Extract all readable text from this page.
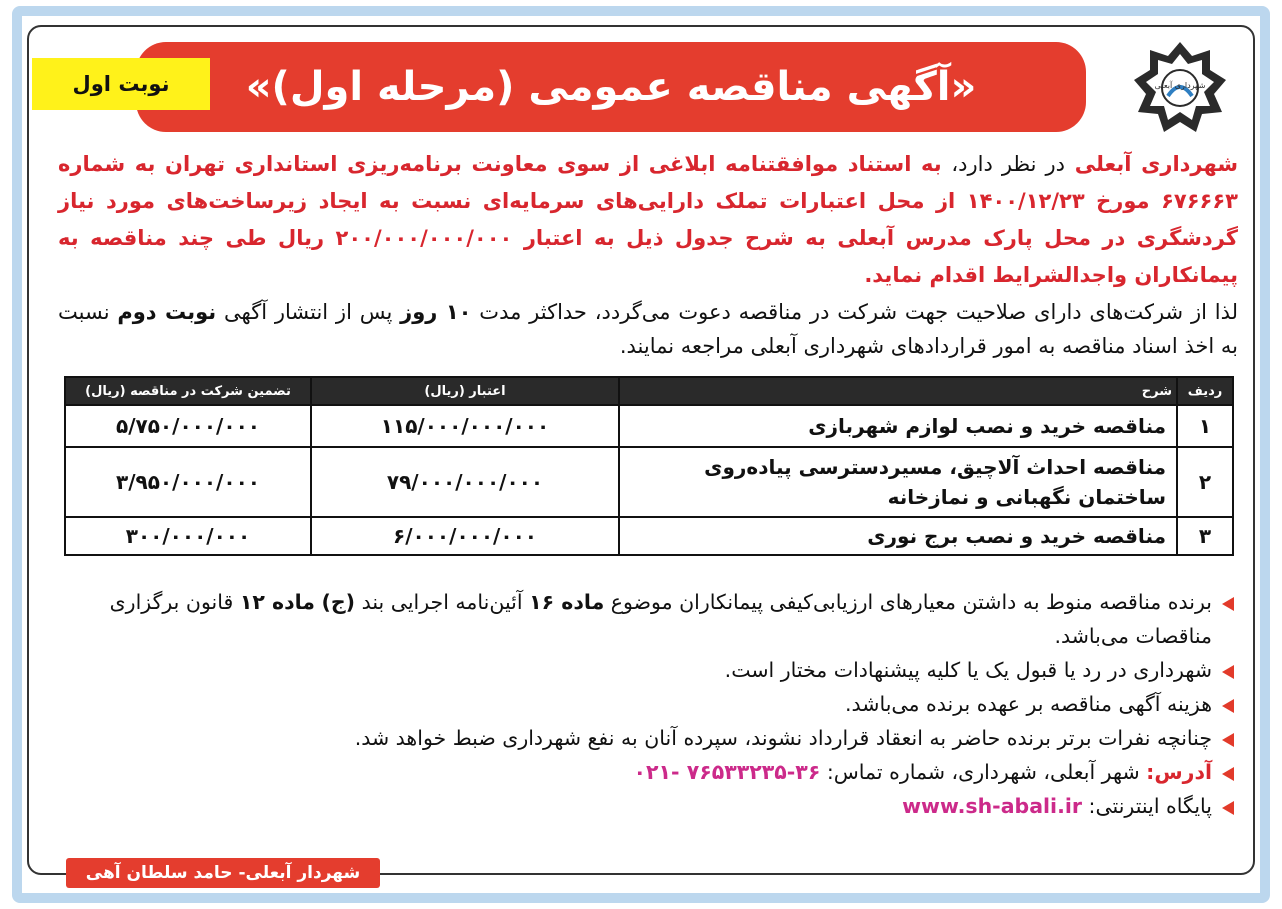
شهرداری آبعلی
«آگهی مناقصه عمومی (مرحله اول)»
نوبت اول

شهرداری آبعلی در نظر دارد، به استناد موافقتنامه ابلاغی از سوی معاونت برنامه‌ریزی استانداری تهران به شماره ۶۷۶۶۶۳ مورخ ۱۴۰۰/۱۲/۲۳ از محل اعتبارات تملک دارایی‌های سرمایه‌ای نسبت به ایجاد زیرساخت‌های مورد نیاز گردشگری در محل پارک مدرس آبعلی به شرح جدول ذیل به اعتبار ۲۰۰/۰۰۰/۰۰۰/۰۰۰ ریال طی چند مناقصه به پیمانکاران واجدالشرایط اقدام نماید.

لذا از شرکت‌های دارای صلاحیت جهت شرکت در مناقصه دعوت می‌گردد، حداکثر مدت ۱۰ روز پس از انتشار آگهی نوبت دوم نسبت به اخذ اسناد مناقصه به امور قراردادهای شهرداری آبعلی مراجعه نمایند.

ردیف	شرح	اعتبار (ریال)	تضمین شرکت در مناقصه (ریال)
۱	مناقصه خرید و نصب لوازم شهربازی	۱۱۵/۰۰۰/۰۰۰/۰۰۰	۵/۷۵۰/۰۰۰/۰۰۰
۲	مناقصه احداث آلاچیق، مسیردسترسی پیاده‌روی ساختمان نگهبانی و نمازخانه	۷۹/۰۰۰/۰۰۰/۰۰۰	۳/۹۵۰/۰۰۰/۰۰۰
۳	مناقصه خرید و نصب برج نوری	۶/۰۰۰/۰۰۰/۰۰۰	۳۰۰/۰۰۰/۰۰۰
برنده مناقصه منوط به داشتن معیارهای ارزیابی‌کیفی پیمانکاران موضوع ماده ۱۶ آئین‌نامه اجرایی بند (ج) ماده ۱۲ قانون برگزاری مناقصات می‌باشد.
شهرداری در رد یا قبول یک یا کلیه پیشنهادات مختار است.
هزینه آگهی مناقصه بر عهده برنده می‌باشد.
چنانچه نفرات برتر برنده حاضر به انعقاد قرارداد نشوند، سپرده آنان به نفع شهرداری ضبط خواهد شد.
آدرس: شهر آبعلی، شهرداری، شماره تماس: ۰۲۱- ۷۶۵۳۳۲۳۵-۳۶
پایگاه اینترنتی: www.sh-abali.ir
شهردار آبعلی- حامد سلطان آهی
